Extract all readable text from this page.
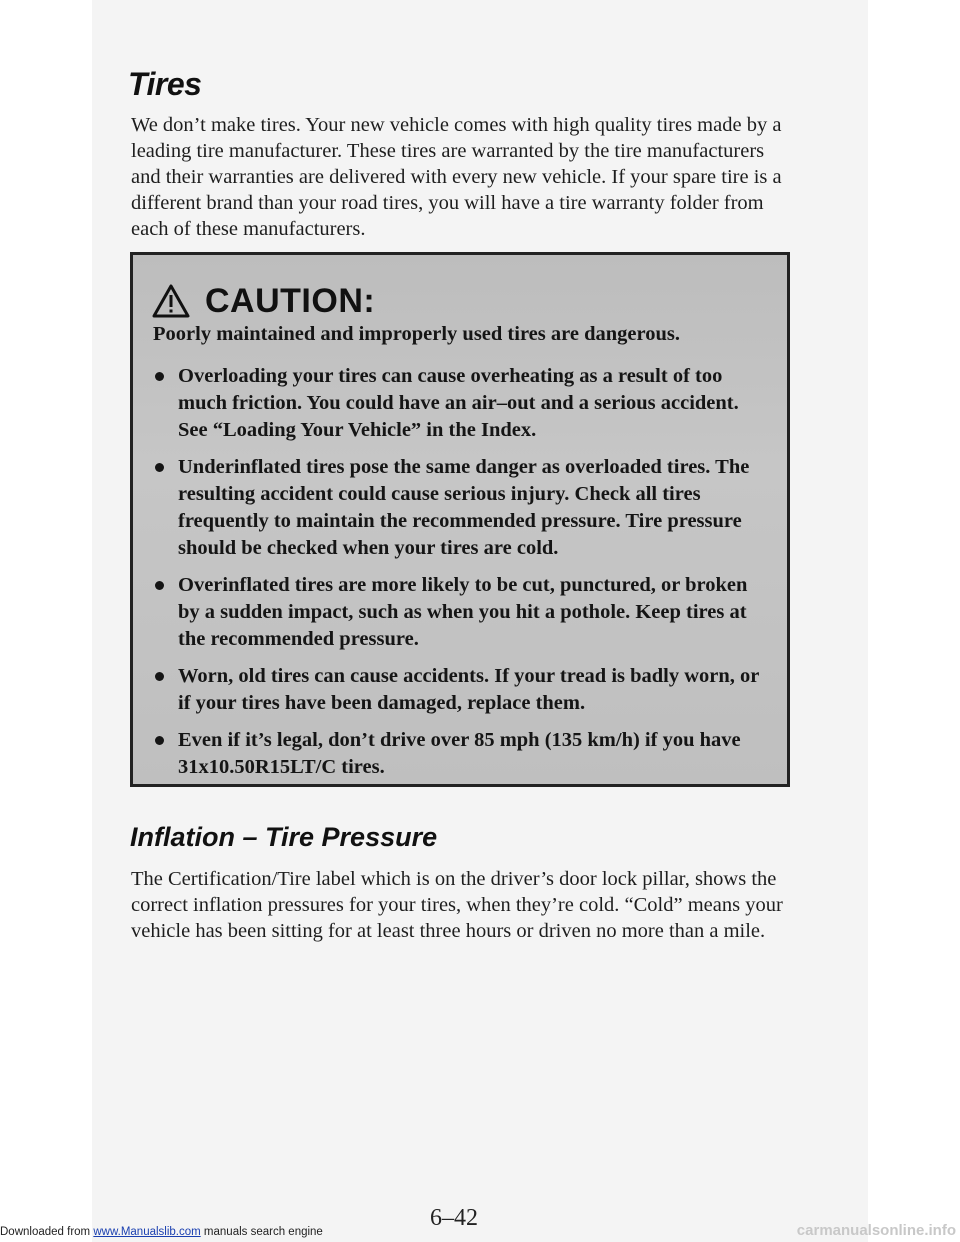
Tires

We don’t make tires. Your new vehicle comes with high quality tires made by a leading tire manufacturer. These tires are warranted by the tire manufacturers and their warranties are delivered with every new vehicle. If your spare tire is a different brand than your road tires, you will have a tire warranty folder from each of these manufacturers.

CAUTION:
Poorly maintained and improperly used tires are dangerous.
Overloading your tires can cause overheating as a result of too much friction. You could have an air–out and a serious accident. See “Loading Your Vehicle” in the Index.
Underinflated tires pose the same danger as overloaded tires. The resulting accident could cause serious injury. Check all tires frequently to maintain the recommended pressure. Tire pressure should be checked when your tires are cold.
Overinflated tires are more likely to be cut, punctured, or broken by a sudden impact, such as when you hit a pothole. Keep tires at the recommended pressure.
Worn, old tires can cause accidents. If your tread is badly worn, or if your tires have been damaged, replace them.
Even if it’s legal, don’t drive over 85 mph (135 km/h) if you have 31x10.50R15LT/C tires.
Inflation – Tire Pressure

The Certification/Tire label which is on the driver’s door lock pillar, shows the correct inflation pressures for your tires, when they’re cold. “Cold” means your vehicle has been sitting for at least three hours or driven no more than a mile.

6–42
Downloaded from www.Manualslib.com manuals search engine	carmanualsonline.info
